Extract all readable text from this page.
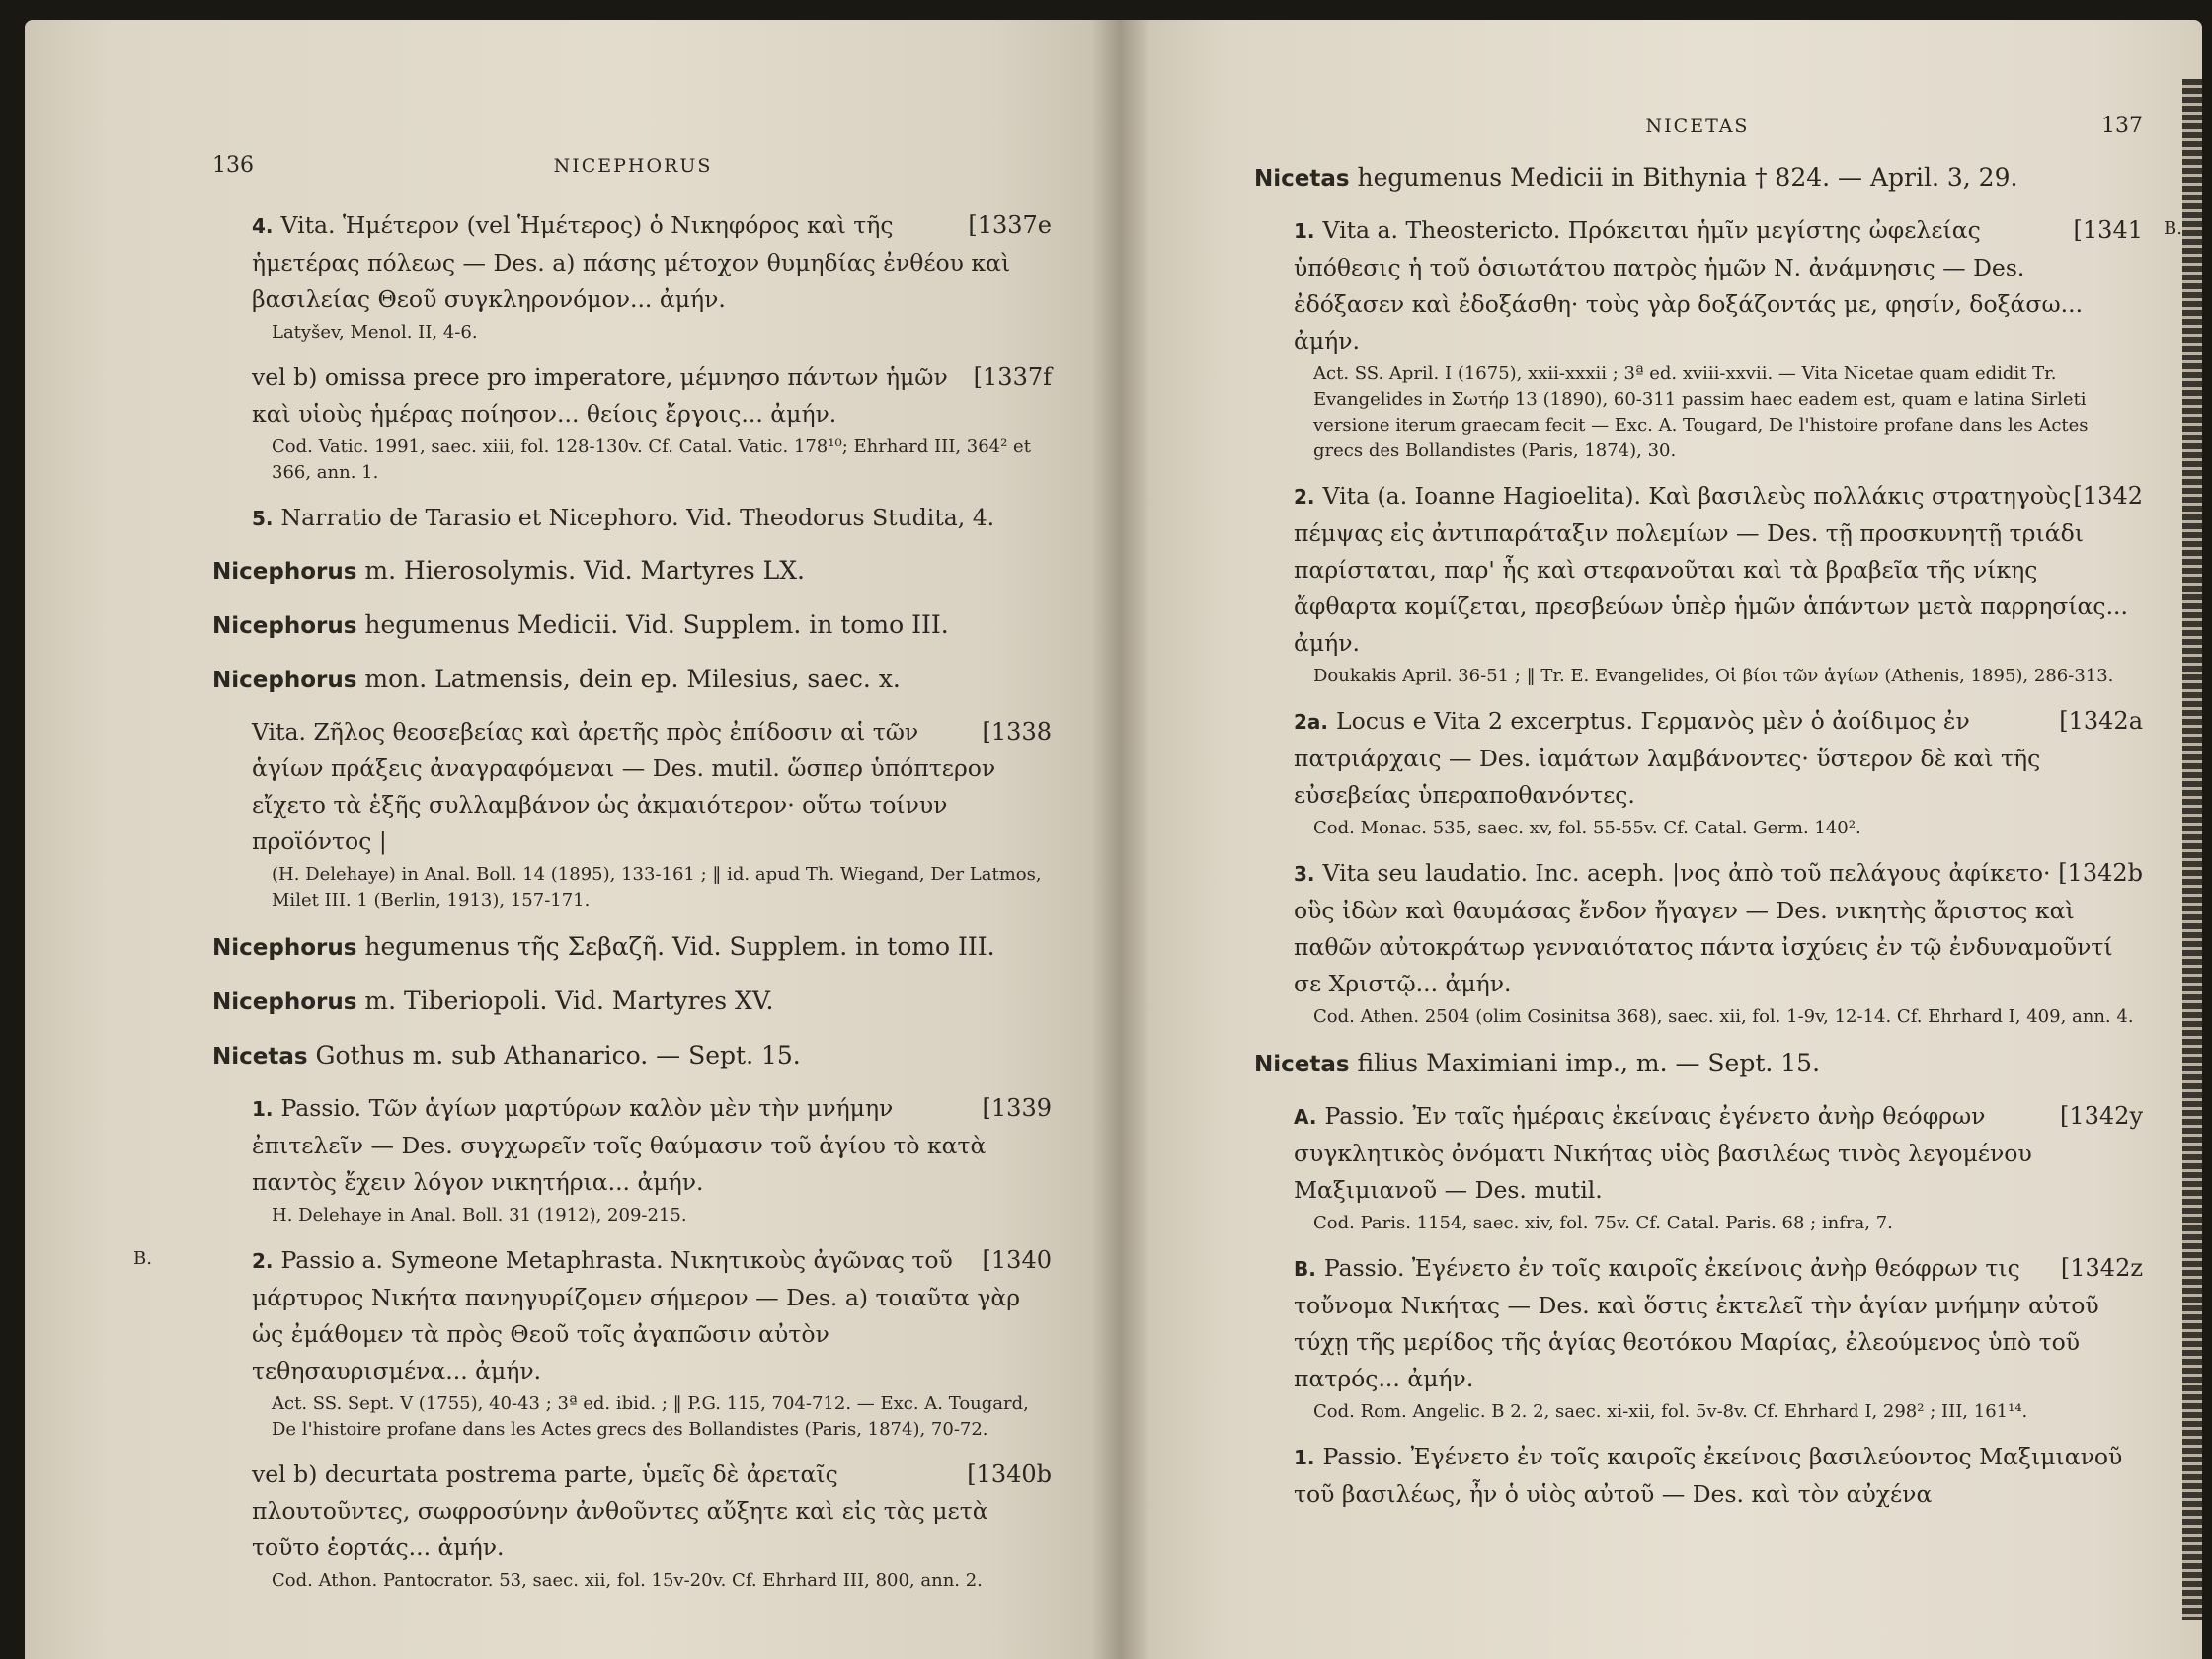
136	NICEPHORUS

[1337e
4. Vita. Ἡμέτερον (vel Ἡμέτερος) ὁ Νικηφόρος καὶ τῆς ἡμετέρας πόλεως — Des. a) πάσης μέτοχον θυμηδίας ἐνθέου καὶ βασιλείας Θεοῦ συγκληρονόμον... ἀμήν.

Latyšev, Menol. II, 4-6.

[1337f
vel b) omissa prece pro imperatore, μέμνησο πάντων ἡμῶν καὶ υἱοὺς ἡμέρας ποίησον... θείοις ἔργοις... ἀμήν.

Cod. Vatic. 1991, saec. xiii, fol. 128-130v. Cf. Catal. Vatic. 178¹⁰; Ehrhard III, 364² et 366, ann. 1.

5. Narratio de Tarasio et Nicephoro. Vid. Theodorus Studita, 4.

Nicephorus m. Hierosolymis. Vid. Martyres LX.

Nicephorus hegumenus Medicii. Vid. Supplem. in tomo III.

Nicephorus mon. Latmensis, dein ep. Milesius, saec. x.

[1338
Vita. Ζῆλος θεοσεβείας καὶ ἀρετῆς πρὸς ἐπίδοσιν αἱ τῶν ἁγίων πράξεις ἀναγραφόμεναι — Des. mutil. ὥσπερ ὑπόπτερον εἴχετο τὰ ἑξῆς συλλαμβάνον ὡς ἀκμαιότερον· οὕτω τοίνυν προϊόντος |

(H. Delehaye) in Anal. Boll. 14 (1895), 133-161 ; ‖ id. apud Th. Wiegand, Der Latmos, Milet III. 1 (Berlin, 1913), 157-171.

Nicephorus hegumenus τῆς Σεβαζῆ. Vid. Supplem. in tomo III.

Nicephorus m. Tiberiopoli. Vid. Martyres XV.

Nicetas Gothus m. sub Athanarico. — Sept. 15.

[1339
1. Passio. Τῶν ἁγίων μαρτύρων καλὸν μὲν τὴν μνήμην ἐπιτελεῖν — Des. συγχωρεῖν τοῖς θαύμασιν τοῦ ἁγίου τὸ κατὰ παντὸς ἔχειν λόγον νικητήρια... ἀμήν.

H. Delehaye in Anal. Boll. 31 (1912), 209-215.

[1340
2. Passio a. Symeone Metaphrasta. Νικητικοὺς ἀγῶνας τοῦ μάρτυρος Νικήτα πανηγυρίζομεν σήμερον — Des. a) τοιαῦτα γὰρ ὡς ἐμάθομεν τὰ πρὸς Θεοῦ τοῖς ἀγαπῶσιν αὐτὸν τεθησαυρισμένα... ἀμήν.

Act. SS. Sept. V (1755), 40-43 ; 3ª ed. ibid. ; ‖ P.G. 115, 704-712. — Exc. A. Tougard, De l'histoire profane dans les Actes grecs des Bollandistes (Paris, 1874), 70-72.
B.

[1340b
vel b) decurtata postrema parte, ὑμεῖς δὲ ἀρεταῖς πλουτοῦντες, σωφροσύνην ἀνθοῦντες αὔξητε καὶ εἰς τὰς μετὰ τοῦτο ἑορτάς... ἀμήν.

Cod. Athon. Pantocrator. 53, saec. xii, fol. 15v-20v. Cf. Ehrhard III, 800, ann. 2.
NICETAS	137

Nicetas hegumenus Medicii in Bithynia † 824. — April. 3, 29.

[1341
1. Vita a. Theosteriсto. Πρόκειται ἡμῖν μεγίστης ὠφελείας ὑπόθεσις ἡ τοῦ ὁσιωτάτου πατρὸς ἡμῶν Ν. ἀνάμνησις — Des. ἐδόξασεν καὶ ἐδοξάσθη· τοὺς γὰρ δοξάζοντάς με, φησίν, δοξάσω... ἀμήν.

Act. SS. April. I (1675), xxii-xxxii ; 3ª ed. xviii-xxvii. — Vita Nicetae quam edidit Tr. Evangelides in Σωτήρ 13 (1890), 60-311 passim haec eadem est, quam e latina Sirleti versione iterum graecam fecit — Exc. A. Tougard, De l'histoire profane dans les Actes grecs des Bollandistes (Paris, 1874), 30.
B.

[1342
2. Vita (a. Ioanne Hagioelita). Καὶ βασιλεὺς πολλάκις στρατηγοὺς πέμψας εἰς ἀντιπαράταξιν πολεμίων — Des. τῇ προσκυνητῇ τριάδι παρίσταται, παρ' ἧς καὶ στεφανοῦται καὶ τὰ βραβεῖα τῆς νίκης ἄφθαρτα κομίζεται, πρεσβεύων ὑπὲρ ἡμῶν ἁπάντων μετὰ παρρησίας... ἀμήν.

Doukakis April. 36-51 ; ‖ Tr. E. Evangelides, Οἱ βίοι τῶν ἁγίων (Athenis, 1895), 286-313.

[1342a
2a. Locus e Vita 2 excerptus. Γερμανὸς μὲν ὁ ἀοίδιμος ἐν πατριάρχαις — Des. ἰαμάτων λαμβάνοντες· ὕστερον δὲ καὶ τῆς εὐσεβείας ὑπεραποθανόντες.

Cod. Monac. 535, saec. xv, fol. 55-55v. Cf. Catal. Germ. 140².

[1342b
3. Vita seu laudatio. Inc. aceph. |νος ἀπὸ τοῦ πελάγους ἀφίκετο· οὓς ἰδὼν καὶ θαυμάσας ἔνδον ἤγαγεν — Des. νικητὴς ἄριστος καὶ παθῶν αὐτοκράτωρ γενναιότατος πάντα ἰσχύεις ἐν τῷ ἐνδυναμοῦντί σε Χριστῷ... ἀμήν.

Cod. Athen. 2504 (olim Cosinitsa 368), saec. xii, fol. 1-9v, 12-14. Cf. Ehrhard I, 409, ann. 4.

Nicetas filius Maximiani imp., m. — Sept. 15.

[1342y
A. Passio. Ἐν ταῖς ἡμέραις ἐκείναις ἐγένετο ἀνὴρ θεόφρων συγκλητικὸς ὀνόματι Νικήτας υἱὸς βασιλέως τινὸς λεγομένου Μαξιμιανοῦ — Des. mutil.

Cod. Paris. 1154, saec. xiv, fol. 75v. Cf. Catal. Paris. 68 ; infra, 7.

[1342z
B. Passio. Ἐγένετο ἐν τοῖς καιροῖς ἐκείνοις ἀνὴρ θεόφρων τις τοὔνομα Νικήτας — Des. καὶ ὅστις ἐκτελεῖ τὴν ἁγίαν μνήμην αὐτοῦ τύχῃ τῆς μερίδος τῆς ἁγίας θεοτόκου Μαρίας, ἐλεούμενος ὑπὸ τοῦ πατρός... ἀμήν.

Cod. Rom. Angelic. B 2. 2, saec. xi-xii, fol. 5v-8v. Cf. Ehrhard I, 298² ; III, 161¹⁴.

1. Passio. Ἐγένετο ἐν τοῖς καιροῖς ἐκείνοις βασιλεύοντος Μαξιμιανοῦ τοῦ βασιλέως, ἦν ὁ υἱὸς αὐτοῦ — Des. καὶ τὸν αὐχένα
